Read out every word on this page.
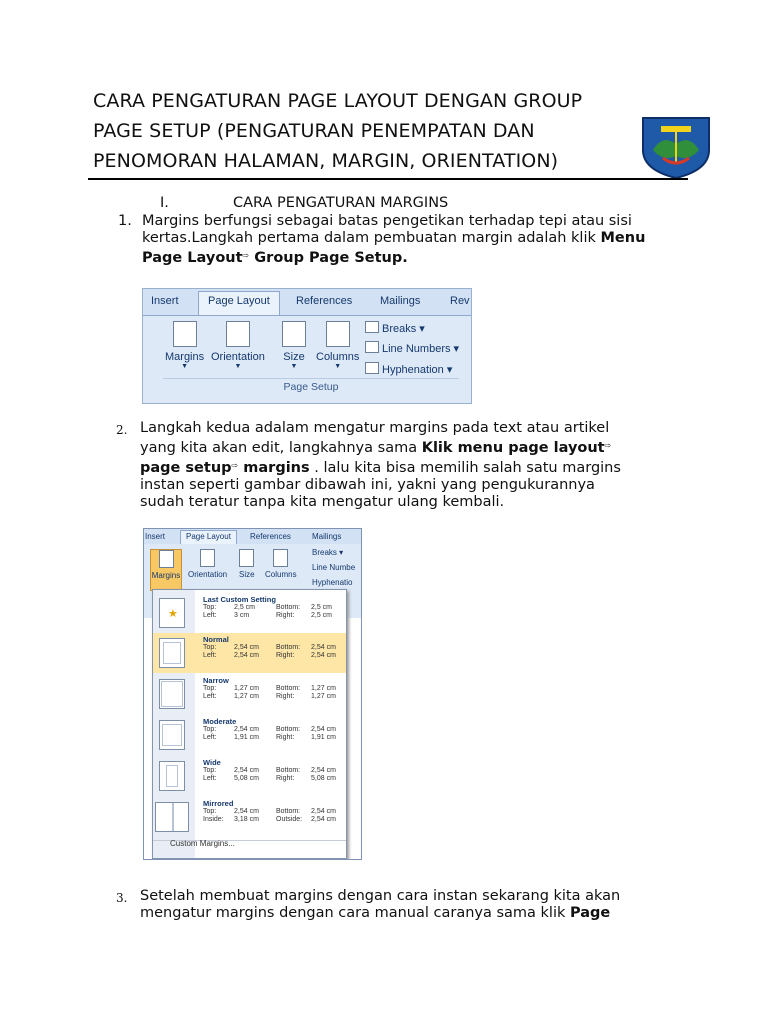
CARA PENGATURAN PAGE LAYOUT DENGAN GROUP
PAGE SETUP (PENGATURAN PENEMPATAN DAN
PENOMORAN HALAMAN, MARGIN, ORIENTATION)
I.	CARA PENGATURAN MARGINS
1. Margins berfungsi sebagai batas pengetikan terhadap tepi atau sisi
kertas.Langkah pertama dalam pembuatan margin adalah klik Menu
Page Layout⇨ Group Page Setup.
Insert	Page Layout	References	Mailings	Rev
Margins
▼
Orientation
▼
Size
▼
Columns
▼
Breaks ▾
Line Numbers ▾
Hyphenation ▾
Page Setup
2. Langkah kedua adalam mengatur margins pada text atau artikel
yang kita akan edit, langkahnya sama Klik menu page layout⇨
page setup⇨ margins . lalu kita bisa memilih salah satu margins
instan seperti gambar dibawah ini, yakni yang pengukurannya
sudah teratur tanpa kita mengatur ulang kembali.
Insert	Page Layout	References	Mailings
Margins Orientation Size Columns
Breaks ▾
Line Numbe
Hyphenatio
★
Last Custom Setting
Top:	2,5 cm	Bottom: 2,5 cm
Left: 3 cm	Right: 2,5 cm
Normal
Top:	2,54 cm Bottom: 2,54 cm
Left: 2,54 cm Right: 2,54 cm
Narrow
Top:	1,27 cm Bottom: 1,27 cm
Left: 1,27 cm Right: 1,27 cm
Moderate
Top:	2,54 cm Bottom: 2,54 cm
Left: 1,91 cm Right: 1,91 cm
Wide
Top:	2,54 cm Bottom: 2,54 cm
Left: 5,08 cm Right: 5,08 cm
Mirrored
Top:	2,54 cm Bottom: 2,54 cm
Inside: 3,18 cm Outside: 2,54 cm
Custom Margins...
3. Setelah membuat margins dengan cara instan sekarang kita akan
mengatur margins dengan cara manual caranya sama klik Page
